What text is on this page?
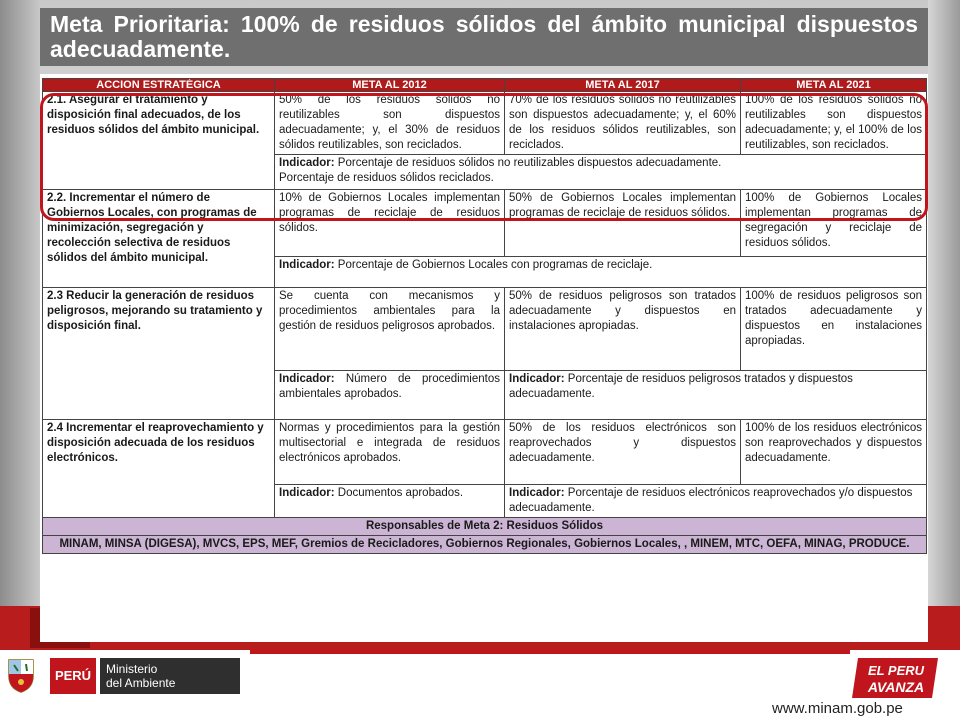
Meta Prioritaria: 100% de residuos sólidos del ámbito municipal dispuestos adecuadamente.
ACCION ESTRATÉGICA	META AL 2012	META AL 2017	META AL 2021
2.1. Asegurar el tratamiento y disposición final adecuados, de los residuos sólidos del ámbito municipal.	50% de los residuos sólidos no reutilizables son dispuestos adecuadamente; y, el 30% de residuos sólidos reutilizables, son reciclados.	70% de los residuos sólidos no reutilizables son dispuestos adecuadamente; y, el 60% de los residuos sólidos reutilizables, son reciclados.	100% de los residuos sólidos no reutilizables son dispuestos adecuadamente; y, el 100% de los reutilizables, son reciclados.
	Indicador: Porcentaje de residuos sólidos no reutilizables dispuestos adecuadamente.
Porcentaje de residuos sólidos reciclados.		
2.2. Incrementar el número de Gobiernos Locales, con programas de minimización, segregación y recolección selectiva de residuos sólidos del ámbito municipal.	10% de Gobiernos Locales implementan programas de reciclaje de residuos sólidos.	50% de Gobiernos Locales implementan programas de reciclaje de residuos sólidos.	100% de Gobiernos Locales implementan programas de segregación y reciclaje de residuos sólidos.
	Indicador: Porcentaje de Gobiernos Locales con programas de reciclaje.		
2.3 Reducir la generación de residuos peligrosos, mejorando su tratamiento y disposición final.	Se cuenta con mecanismos y procedimientos ambientales para la gestión de residuos peligrosos aprobados.	50% de residuos peligrosos son tratados adecuadamente y dispuestos en instalaciones apropiadas.	100% de residuos peligrosos son tratados adecuadamente y dispuestos en instalaciones apropiadas.
	Indicador: Número de procedimientos ambientales aprobados.	Indicador: Porcentaje de residuos peligrosos tratados y dispuestos adecuadamente.	
2.4 Incrementar el reaprovechamiento y disposición adecuada de los residuos electrónicos.	Normas y procedimientos para la gestión multisectorial e integrada de residuos electrónicos aprobados.	50% de los residuos electrónicos son reaprovechados y dispuestos adecuadamente.	100% de los residuos electrónicos son reaprovechados y dispuestos adecuadamente.
	Indicador: Documentos aprobados.	Indicador: Porcentaje de residuos electrónicos reaprovechados y/o dispuestos adecuadamente.	
Responsables de Meta 2: Residuos Sólidos			
MINAM, MINSA (DIGESA), MVCS, EPS, MEF, Gremios de Recicladores, Gobiernos Regionales, Gobiernos Locales, , MINEM, MTC, OEFA, MINAG, PRODUCE.			
PERÚ	Ministerio
del Ambiente
EL PERU
AVANZA
www.minam.gob.pe
